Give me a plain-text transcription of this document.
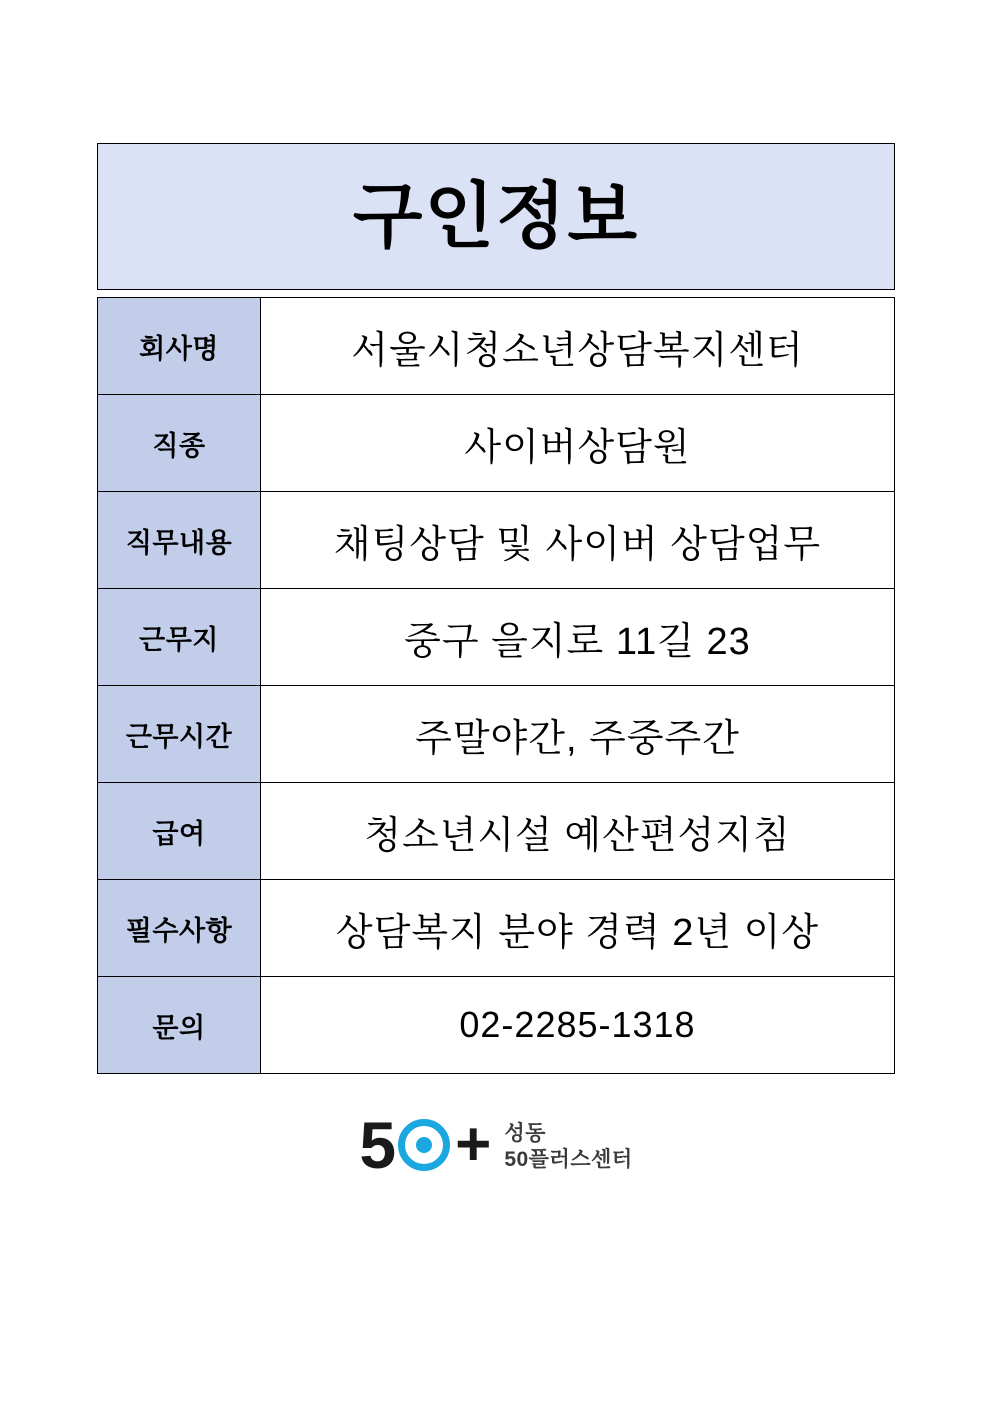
구인정보
회사명	서울시청소년상담복지센터
직종	사이버상담원
직무내용	채팅상담 및 사이버 상담업무
근무지	중구 을지로 11길 23
근무시간	주말야간, 주중주간
급여	청소년시설 예산편성지침
필수사항	상담복지 분야 경력 2년 이상
문의	02-2285-1318
5 + 성동
50플러스센터
